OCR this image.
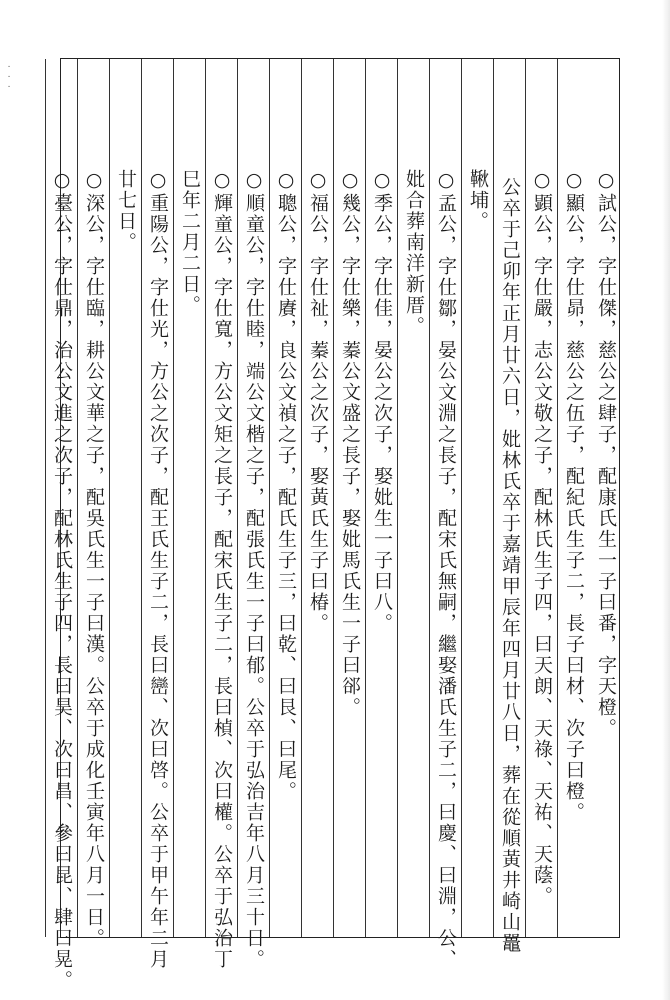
...
○試公，字仕傑，慈公之肆子，配康氏生一子曰番，字天橙。
○顯公，字仕昴，慈公之伍子，配紀氏生子二，長子曰材、次子曰橙。
○顕公，字仕嚴，志公文敬之子，配林氏生子四，曰天朗、天祿、天祐、天蔭。
公卒于己卯年正月廿六日，妣林氏卒于嘉靖甲辰年四月廿八日，葬在從順黃井崎山鼉
鞦埔。
○孟公，字仕鄒，晏公文淵之長子，配宋氏無嗣，繼娶潘氏生子二，曰慶、曰淵，公、
妣合葬南洋新厝。
○季公，字仕佳，晏公之次子，娶妣生一子曰八。
○幾公，字仕樂，蓁公文盛之長子，娶妣馬氏生一子曰郤。
○福公，字仕祉，蓁公之次子，娶黃氏生子曰椿。
○聰公，字仕賡，良公文禎之子，配氏生子三，曰乾、曰艮、曰尾。
○順童公，字仕睦，端公文楷之子，配張氏生一子曰郁。公卒于弘治吉年八月三十日。
○輝童公，字仕寬，方公文矩之長子，配宋氏生子二，長曰楨、次曰權。公卒于弘治丁
巳年二月二日。
○重陽公，字仕光，方公之次子，配王氏生子二，長曰巒、次曰啓。公卒于甲午年二月
廿七日。
○深公，字仕臨，耕公文華之子，配吳氏生一子曰漢。公卒于成化壬寅年八月一日。
○臺公，字仕鼎，治公文進之次子，配林氏生子四，長曰昊、次曰昌、參曰昆、肆曰晃。
